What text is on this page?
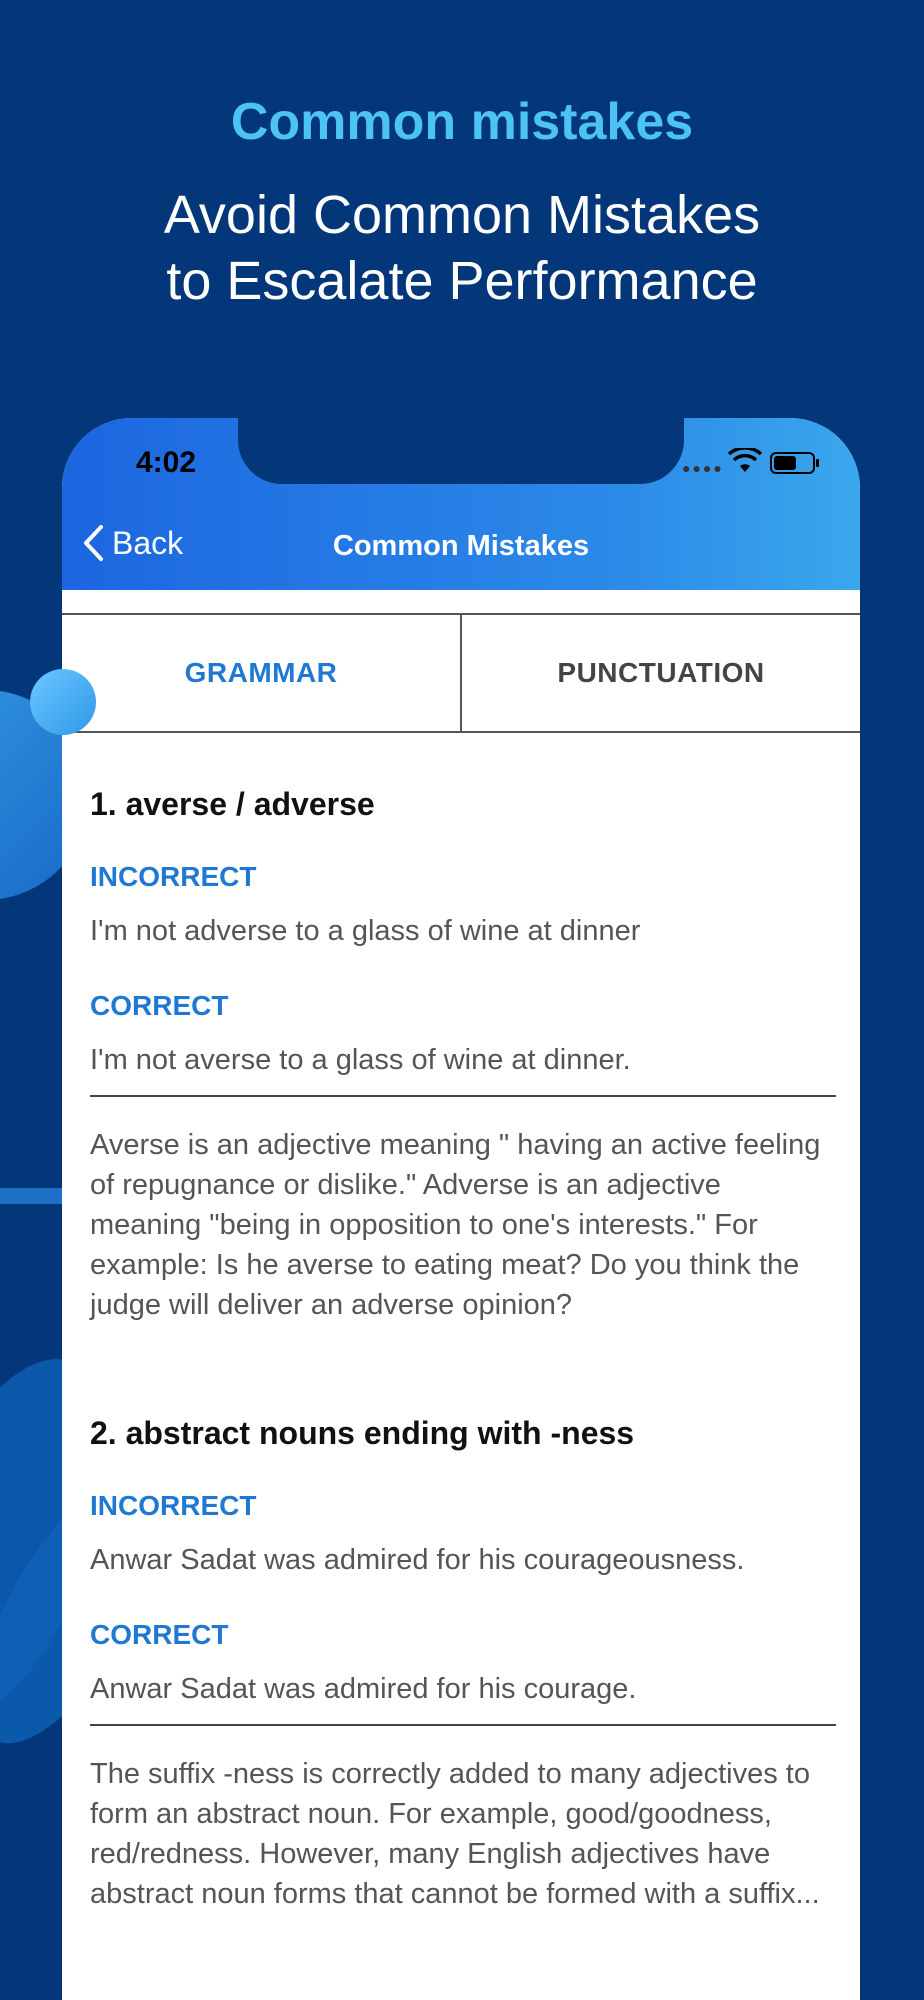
Common mistakes
Avoid Common Mistakes
to Escalate Performance
4:02	●●●●
Back	Common Mistakes
GRAMMAR	PUNCTUATION
1. averse / adverse
INCORRECT
I'm not adverse to a glass of wine at dinner
CORRECT
I'm not averse to a glass of wine at dinner.
Averse is an adjective meaning " having an active feeling of repugnance or dislike." Adverse is an adjective meaning "being in opposition to one's interests." For example: Is he averse to eating meat? Do you think the judge will deliver an adverse opinion?
2. abstract nouns ending with -ness
INCORRECT
Anwar Sadat was admired for his courageousness.
CORRECT
Anwar Sadat was admired for his courage.
The suffix -ness is correctly added to many adjectives to form an abstract noun. For example, good/goodness, red/redness. However, many English adjectives have abstract noun forms that cannot be formed with a suffix...
